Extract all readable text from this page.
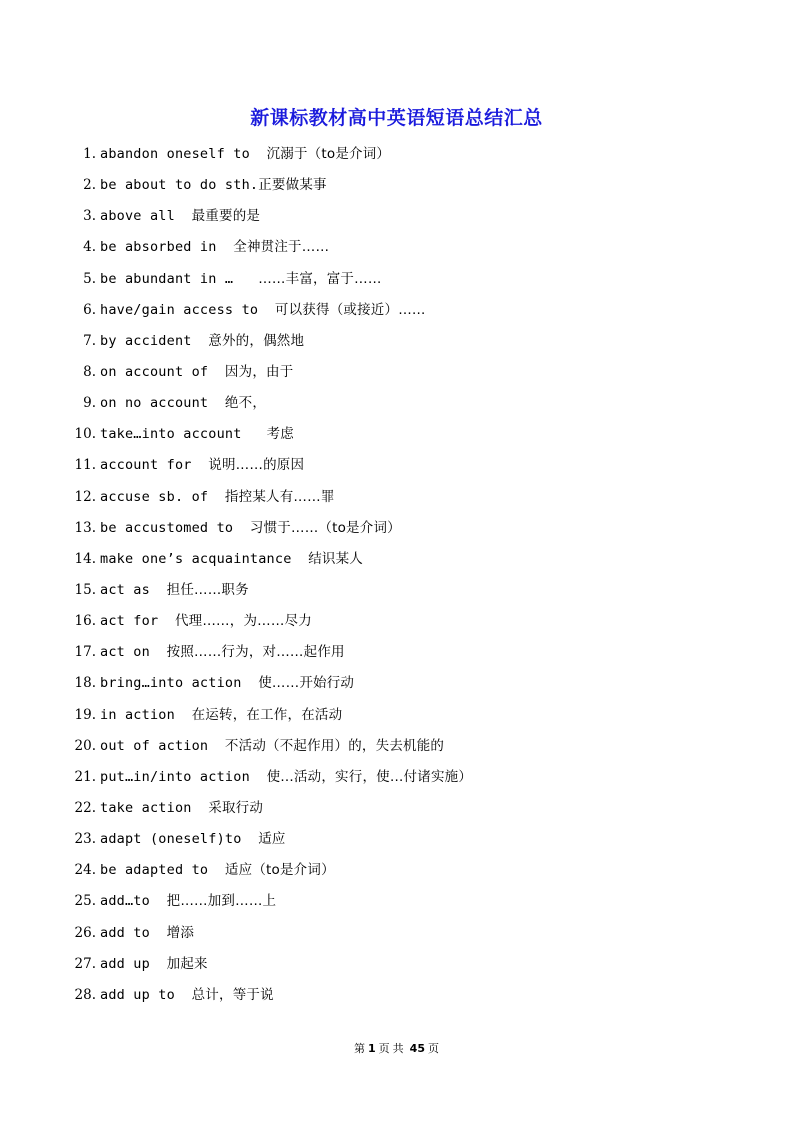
新课标教材高中英语短语总结汇总
1. abandon oneself to  沉溺于（to是介词）
2. be about to do sth.正要做某事
3. above all  最重要的是
4. be absorbed in  全神贯注于……
5. be abundant in …   ……丰富，富于……
6. have/gain access to  可以获得（或接近）……
7. by accident  意外的，偶然地
8. on account of  因为，由于
9. on no account  绝不，
10. take…into account   考虑
11. account for  说明……的原因
12. accuse sb. of  指控某人有……罪
13. be accustomed to  习惯于……（to是介词）
14. make one’s acquaintance  结识某人
15. act as  担任……职务
16. act for  代理……，为……尽力
17. act on  按照……行为，对……起作用
18. bring…into action  使……开始行动
19. in action  在运转，在工作，在活动
20. out of action  不活动（不起作用）的，失去机能的
21. put…in/into action  使…活动，实行，使…付诸实施）
22. take action  采取行动
23. adapt (oneself)to  适应
24. be adapted to  适应（to是介词）
25. add…to  把……加到……上
26. add to  增添
27. add up  加起来
28. add up to  总计，等于说
第 1 页 共 45 页
